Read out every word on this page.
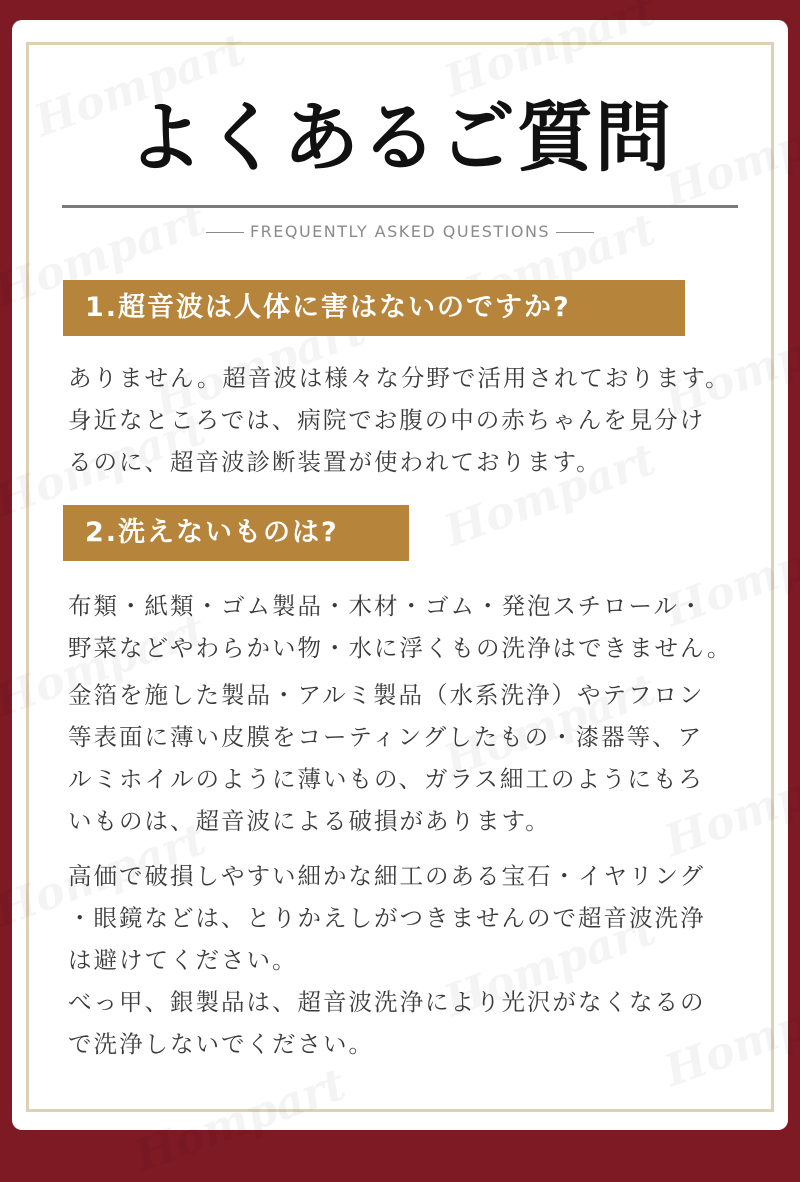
よくあるご質問
FREQUENTLY ASKED QUESTIONS
1.超音波は人体に害はないのですか?
ありません。超音波は様々な分野で活用されております。
身近なところでは、病院でお腹の中の赤ちゃんを見分け
るのに、超音波診断装置が使われております。
2.洗えないものは?
布類・紙類・ゴム製品・木材・ゴム・発泡スチロール・
野菜などやわらかい物・水に浮くもの洗浄はできません。
金箔を施した製品・アルミ製品（水系洗浄）やテフロン
等表面に薄い皮膜をコーティングしたもの・漆器等、ア
ルミホイルのように薄いもの、ガラス細工のようにもろ
いものは、超音波による破損があります。
高価で破損しやすい細かな細工のある宝石・イヤリング
・眼鏡などは、とりかえしがつきませんので超音波洗浄
は避けてください。
べっ甲、銀製品は、超音波洗浄により光沢がなくなるの
で洗浄しないでください。
